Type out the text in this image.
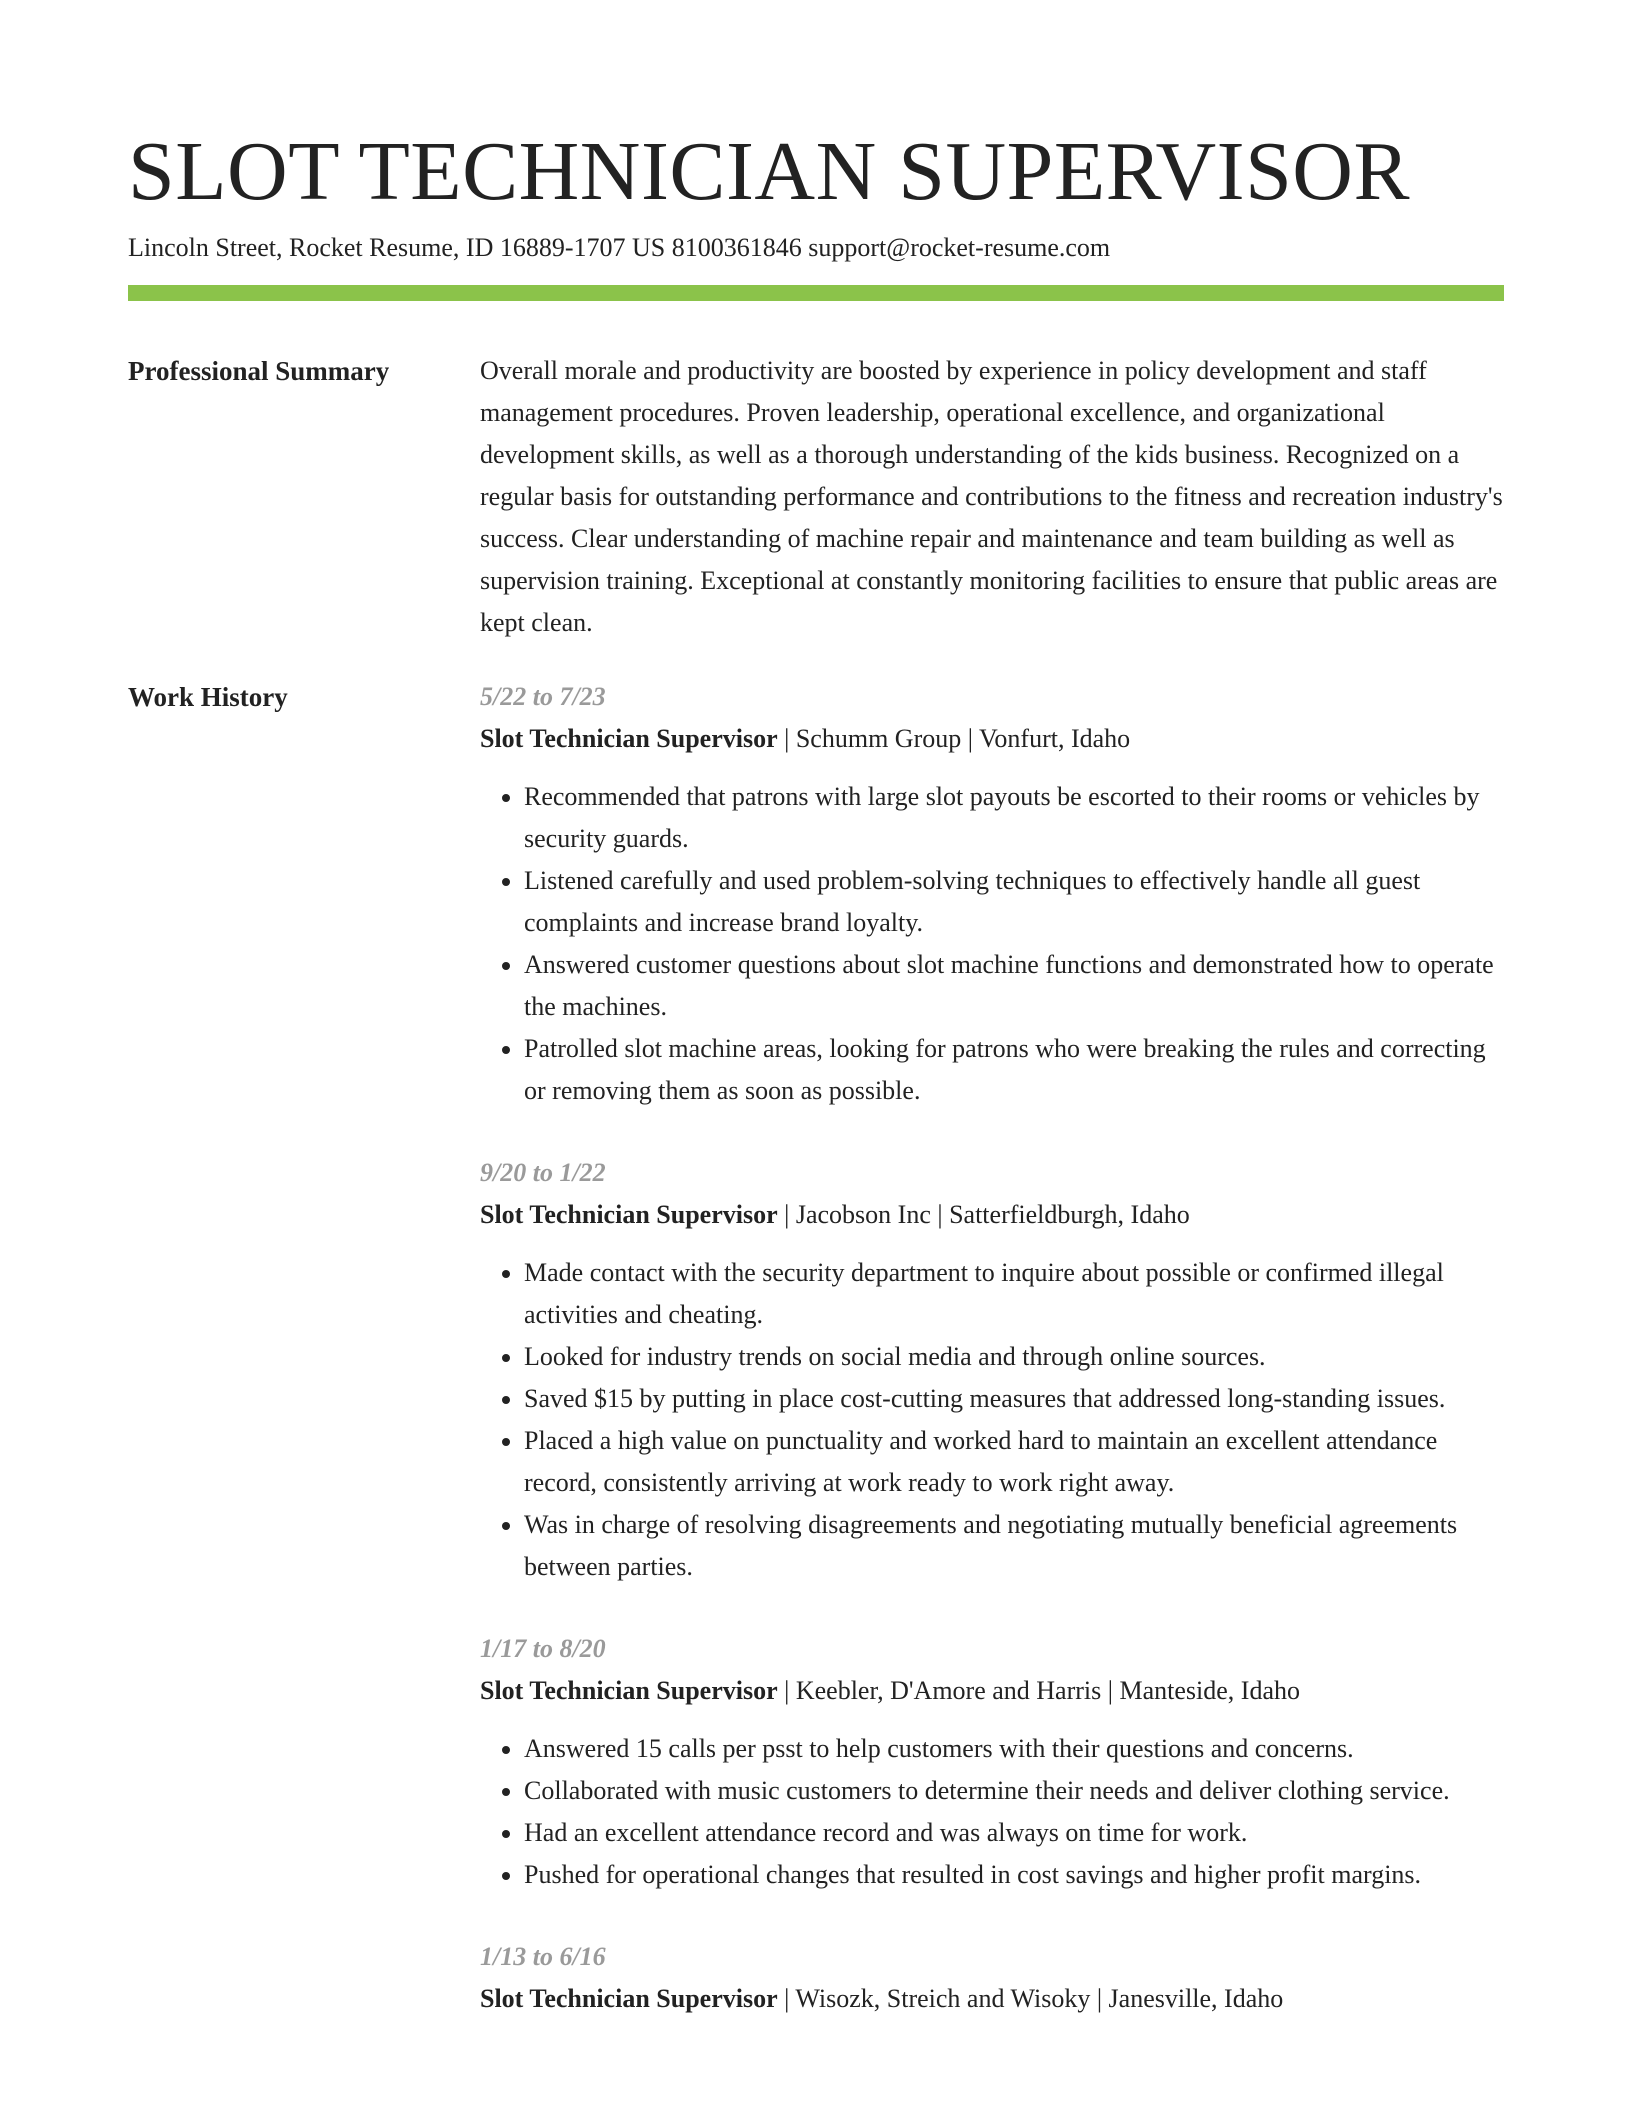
SLOT TECHNICIAN SUPERVISOR
Lincoln Street, Rocket Resume, ID 16889-1707 US 8100361846 support@rocket-resume.com
Professional Summary	Overall morale and productivity are boosted by experience in policy development and staff management procedures. Proven leadership, operational excellence, and organizational development skills, as well as a thorough understanding of the kids business. Recognized on a regular basis for outstanding performance and contributions to the fitness and recreation industry's success. Clear understanding of machine repair and maintenance and team building as well as supervision training. Exceptional at constantly monitoring facilities to ensure that public areas are kept clean.

Work History	5/22 to 7/23
Slot Technician Supervisor | Schumm Group | Vonfurt, Idaho
• Recommended that patrons with large slot payouts be escorted to their rooms or vehicles by security guards.
• Listened carefully and used problem-solving techniques to effectively handle all guest complaints and increase brand loyalty.
• Answered customer questions about slot machine functions and demonstrated how to operate the machines.
• Patrolled slot machine areas, looking for patrons who were breaking the rules and correcting or removing them as soon as possible.
9/20 to 1/22
Slot Technician Supervisor | Jacobson Inc | Satterfieldburgh, Idaho
• Made contact with the security department to inquire about possible or confirmed illegal activities and cheating.
• Looked for industry trends on social media and through online sources.
• Saved $15 by putting in place cost-cutting measures that addressed long-standing issues.
• Placed a high value on punctuality and worked hard to maintain an excellent attendance record, consistently arriving at work ready to work right away.
• Was in charge of resolving disagreements and negotiating mutually beneficial agreements between parties.
1/17 to 8/20
Slot Technician Supervisor | Keebler, D'Amore and Harris | Manteside, Idaho
• Answered 15 calls per psst to help customers with their questions and concerns.
• Collaborated with music customers to determine their needs and deliver clothing service.
• Had an excellent attendance record and was always on time for work.
• Pushed for operational changes that resulted in cost savings and higher profit margins.
1/13 to 6/16
Slot Technician Supervisor | Wisozk, Streich and Wisoky | Janesville, Idaho
